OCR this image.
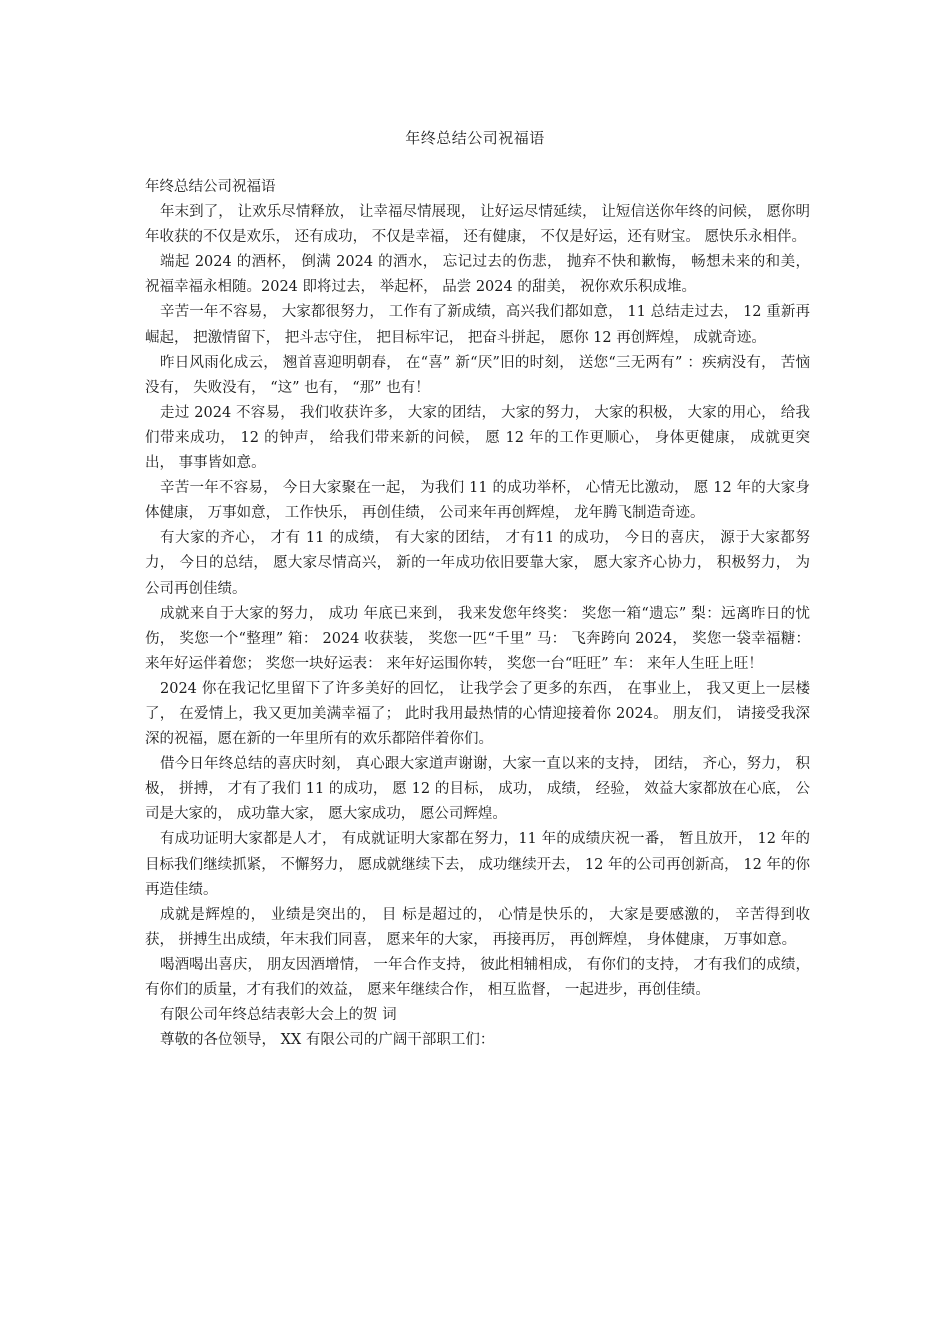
年终总结公司祝福语

年终总结公司祝福语

年末到了， 让欢乐尽情释放， 让幸福尽情展现， 让好运尽情延续， 让短信送你年终的问候， 愿你明年收获的不仅是欢乐， 还有成功， 不仅是幸福， 还有健康， 不仅是好运，还有财宝。 愿快乐永相伴。

端起 2024 的酒杯， 倒满 2024 的酒水， 忘记过去的伤悲， 抛弃不快和歉悔， 畅想未来的和美， 祝福幸福永相随。2024 即将过去， 举起杯， 品尝 2024 的甜美， 祝你欢乐积成堆。

辛苦一年不容易， 大家都很努力， 工作有了新成绩，高兴我们都如意， 11 总结走过去， 12 重新再崛起， 把激情留下， 把斗志守住， 把目标牢记， 把奋斗拼起， 愿你 12 再创辉煌， 成就奇迹。

昨日风雨化成云， 翘首喜迎明朝春， 在“喜” 新“厌”旧的时刻， 送您“三无两有” ：疾病没有， 苦恼没有， 失败没有， “这” 也有， “那” 也有！

走过 2024 不容易， 我们收获许多， 大家的团结， 大家的努力， 大家的积极， 大家的用心， 给我们带来成功， 12 的钟声， 给我们带来新的问候， 愿 12 年的工作更顺心， 身体更健康， 成就更突出， 事事皆如意。

辛苦一年不容易， 今日大家聚在一起， 为我们 11 的成功举杯， 心情无比激动， 愿 12 年的大家身体健康， 万事如意， 工作快乐， 再创佳绩， 公司来年再创辉煌， 龙年腾飞制造奇迹。

有大家的齐心， 才有 11 的成绩， 有大家的团结， 才有11 的成功， 今日的喜庆， 源于大家都努力， 今日的总结， 愿大家尽情高兴， 新的一年成功依旧要靠大家， 愿大家齐心协力， 积极努力， 为公司再创佳绩。

成就来自于大家的努力， 成功 年底已来到， 我来发您年终奖： 奖您一箱“遗忘” 梨：远离昨日的忧伤， 奖您一个“整理” 箱： 2024 收获装， 奖您一匹“千里” 马： 飞奔跨向 2024， 奖您一袋幸福糖： 来年好运伴着您； 奖您一块好运表： 来年好运围你转， 奖您一台“旺旺” 车： 来年人生旺上旺！

2024 你在我记忆里留下了许多美好的回忆， 让我学会了更多的东西， 在事业上， 我又更上一层楼了， 在爱情上，我又更加美满幸福了； 此时我用最热情的心情迎接着你 2024。 朋友们， 请接受我深深的祝福，愿在新的一年里所有的欢乐都陪伴着你们。

借今日年终总结的喜庆时刻， 真心跟大家道声谢谢，大家一直以来的支持， 团结， 齐心，努力， 积极， 拼搏， 才有了我们 11 的成功， 愿 12 的目标， 成功， 成绩， 经验， 效益大家都放在心底， 公司是大家的， 成功靠大家， 愿大家成功， 愿公司辉煌。

有成功证明大家都是人才， 有成就证明大家都在努力，11 年的成绩庆祝一番， 暂且放开， 12 年的目标我们继续抓紧， 不懈努力， 愿成就继续下去， 成功继续开去， 12 年的公司再创新高， 12 年的你再造佳绩。

成就是辉煌的， 业绩是突出的， 目 标是超过的， 心情是快乐的， 大家是要感激的， 辛苦得到收获， 拼搏生出成绩，年末我们同喜， 愿来年的大家， 再接再厉， 再创辉煌， 身体健康， 万事如意。

喝酒喝出喜庆， 朋友因酒增情， 一年合作支持， 彼此相辅相成， 有你们的支持， 才有我们的成绩， 有你们的质量，才有我们的效益， 愿来年继续合作， 相互监督， 一起进步，再创佳绩。

有限公司年终总结表彰大会上的贺 词

尊敬的各位领导， XX 有限公司的广阔干部职工们：
